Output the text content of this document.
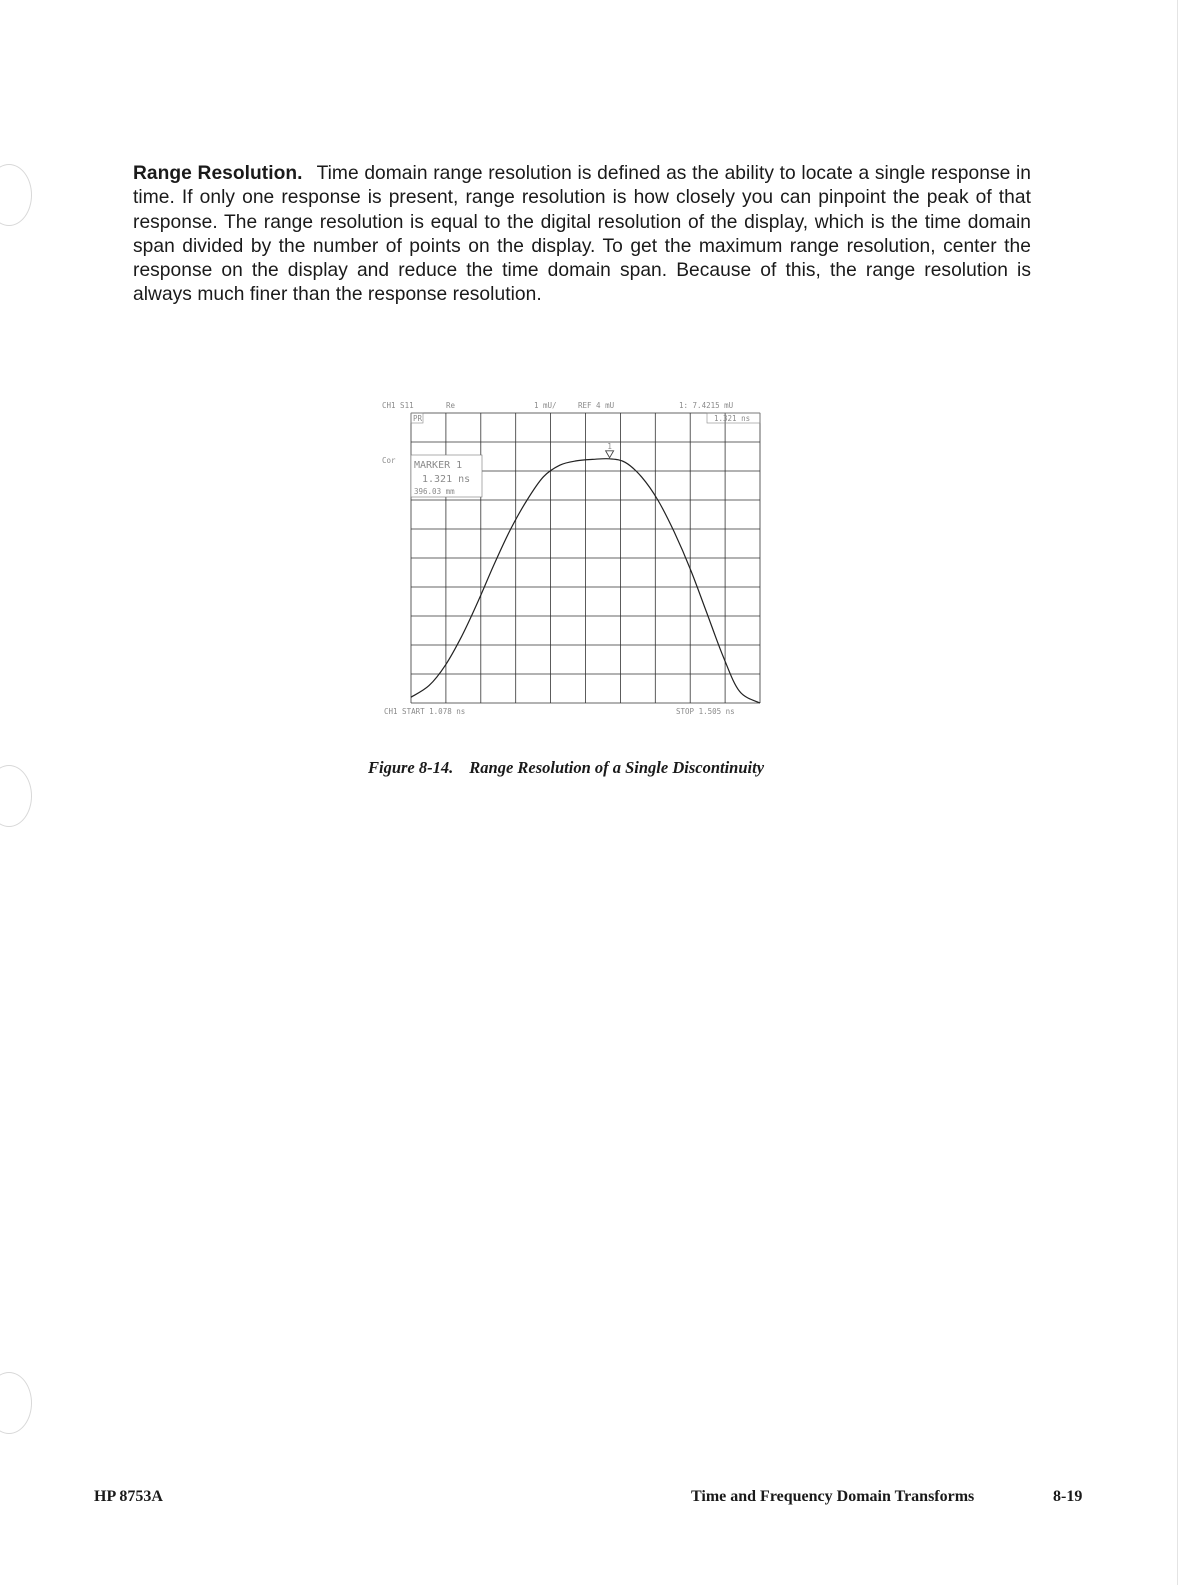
Range Resolution. Time domain range resolution is defined as the ability to locate a single response in time. If only one response is present, range resolution is how closely you can pinpoint the peak of that response. The range resolution is equal to the digital resolution of the display, which is the time domain span divided by the number of points on the display. To get the maximum range resolution, center the response on the display and reduce the time domain span. Because of this, the range resolution is always much finer than the response resolution.

1
CH1 S11	Re	1 mU/	REF 4 mU	1: 7.4215 mU
1.321 ns
PR
Cor MARKER 1
1.321 ns
396.03 mm
CH1 START 1.078 ns	STOP 1.505 ns

Figure 8-14. Range Resolution of a Single Discontinuity

HP 8753A	Time and Frequency Domain Transforms	8-19
